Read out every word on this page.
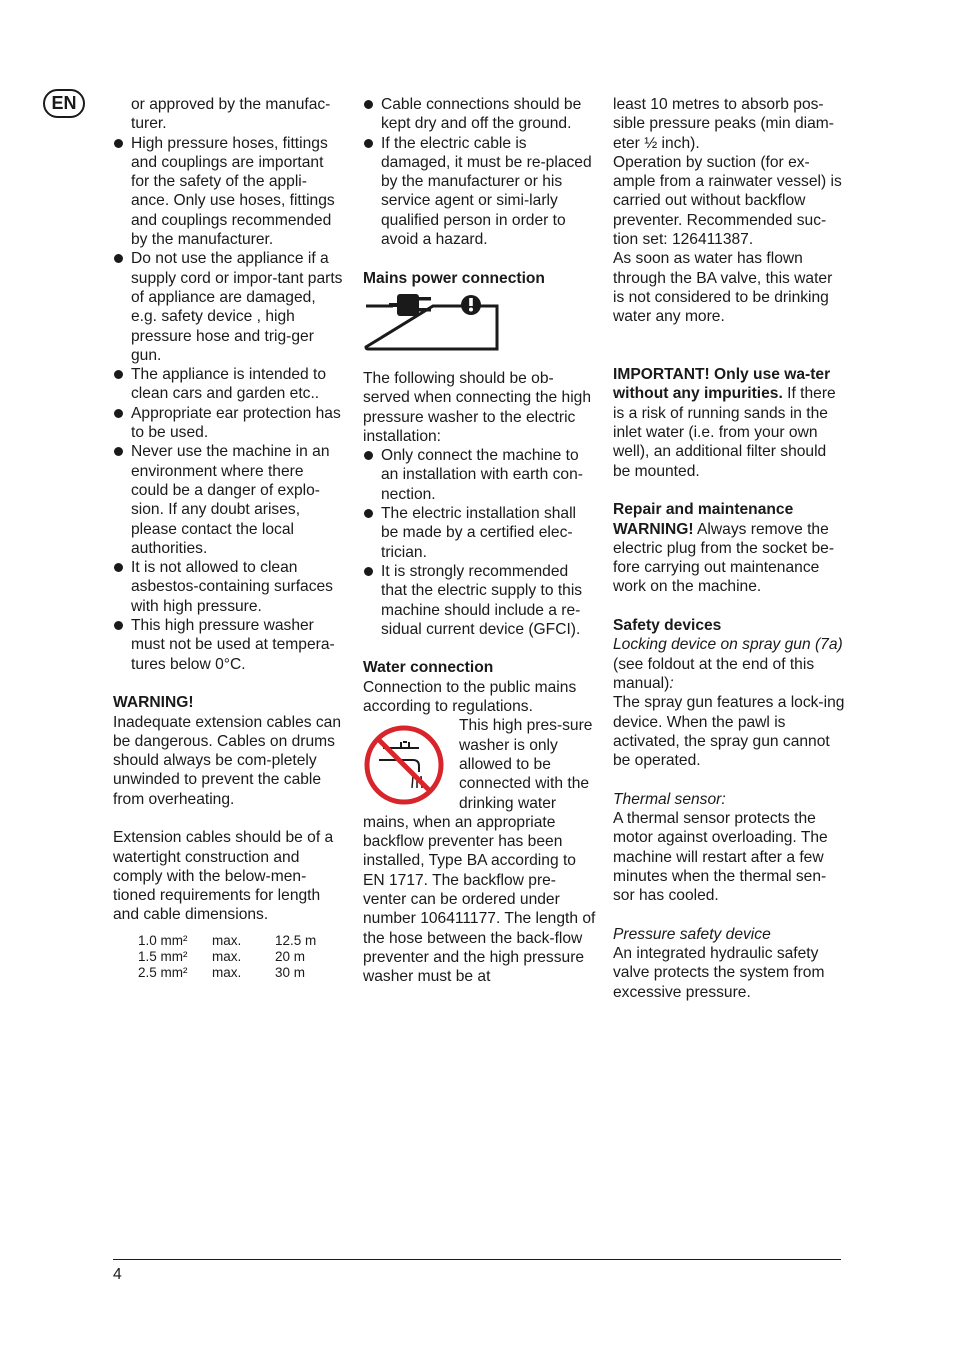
EN	or approved by the manufac-turer.

High pressure hoses, fittings and couplings are important for the safety of the appli-ance. Only use hoses, fittings and couplings recommended by the manufacturer.
Do not use the appliance if a supply cord or impor-tant parts of appliance are damaged, e.g. safety device , high pressure hose and trig-ger gun.
The appliance is intended to clean cars and garden etc..
Appropriate ear protection has to be used.
Never use the machine in an environment where there could be a danger of explo-sion. If any doubt arises, please contact the local authorities.
It is not allowed to clean asbestos-containing surfaces with high pressure.
This high pressure washer must not be used at tempera-tures below 0°C.

WARNING!

Inadequate extension cables can be dangerous. Cables on drums should always be com-pletely unwinded to prevent the cable from overheating.

Extension cables should be of a watertight construction and comply with the below-men-tioned requirements for length and cable dimensions.

1.0 mm²	max.	12.5 m
1.5 mm²	max.	20 m
2.5 mm²	max.	30 m
Cable connections should be kept dry and off the ground.
If the electric cable is damaged, it must be re-placed by the manufacturer or his service agent or simi-larly qualified person in order to avoid a hazard.

Mains power connection

The following should be ob-served when connecting the high pressure washer to the electric installation:

Only connect the machine to an installation with earth con-nection.
The electric installation shall be made by a certified elec-trician.
It is strongly recommended that the electric supply to this machine should include a re-sidual current device (GFCI).

Water connection

Connection to the public mains according to regulations.

This high pres-sure washer is only allowed to be connected with the drinking water mains, when an appropriate backflow preventer has been installed, Type BA according to EN 1717. The backflow pre-venter can be ordered under number 106411177. The length of the hose between the back-flow preventer and the high pressure washer must be at

least 10 metres to absorb pos-sible pressure peaks (min diam-eter ½ inch).

Operation by suction (for ex-ample from a rainwater vessel) is carried out without backflow preventer. Recommended suc-tion set: 126411387.

As soon as water has flown through the BA valve, this water is not considered to be drinking water any more.

IMPORTANT! Only use wa-ter without any impurities. If there is a risk of running sands in the inlet water (i.e. from your own well), an additional filter should be mounted.

Repair and maintenance

WARNING! Always remove the electric plug from the socket be-fore carrying out maintenance work on the machine.

Safety devices

Locking device on spray gun (7a) (see foldout at the end of this manual):

The spray gun features a lock-ing device. When the pawl is activated, the spray gun cannot be operated.

Thermal sensor:

A thermal sensor protects the motor against overloading. The machine will restart after a few minutes when the thermal sen-sor has cooled.

Pressure safety device

An integrated hydraulic safety valve protects the system from excessive pressure.

4
